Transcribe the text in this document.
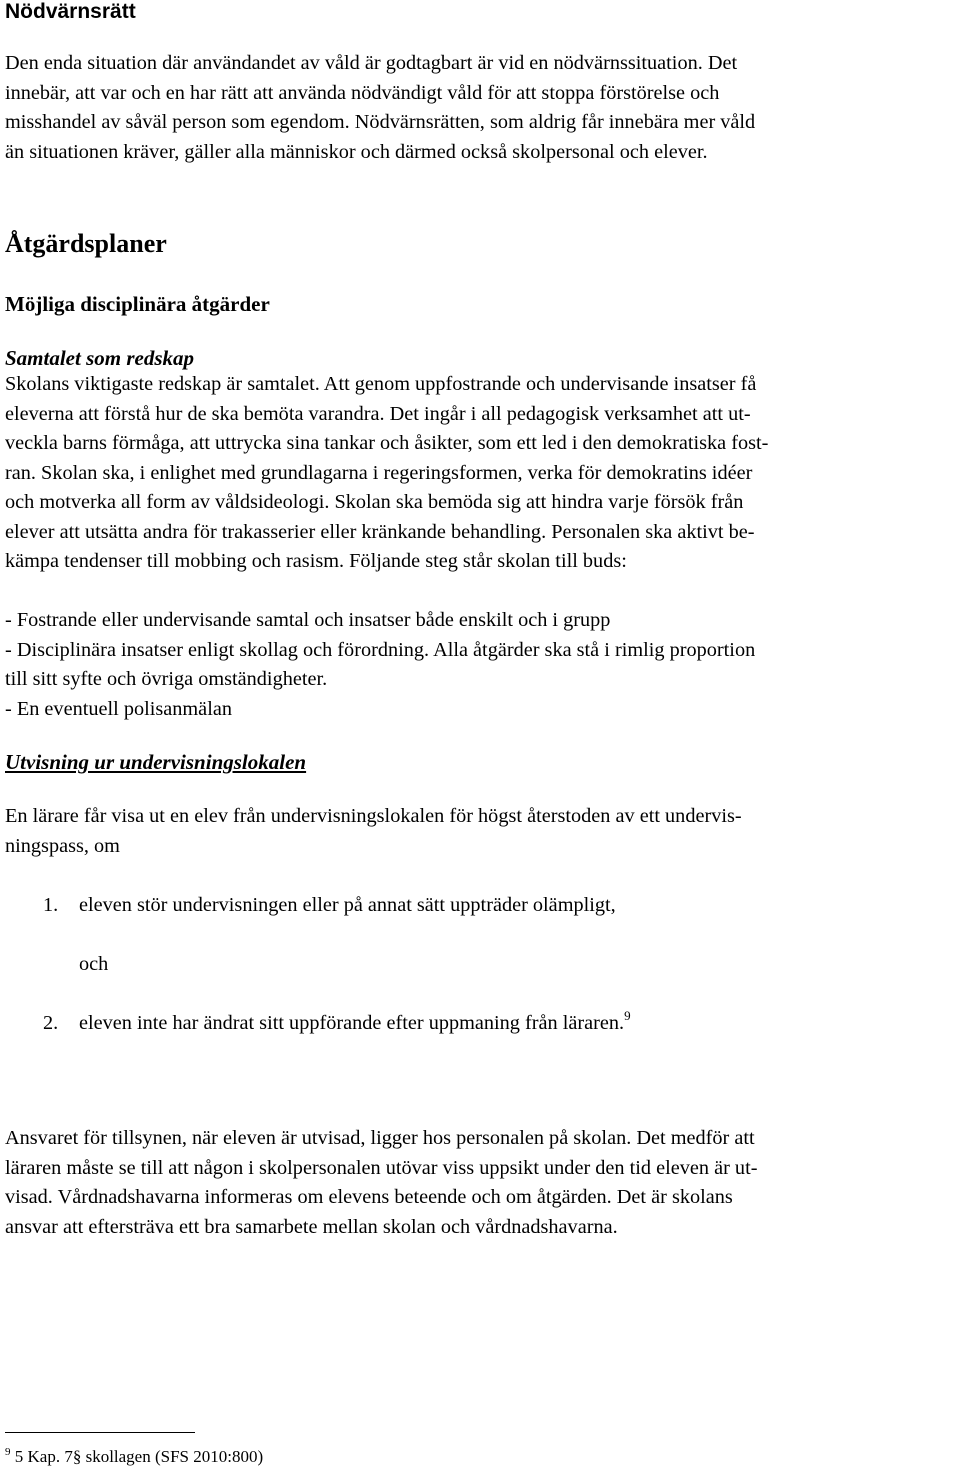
Nödvärnsrätt
Den enda situation där användandet av våld är godtagbart är vid en nödvärnssituation. Det
innebär, att var och en har rätt att använda nödvändigt våld för att stoppa förstörelse och
misshandel av såväl person som egendom. Nödvärnsrätten, som aldrig får innebära mer våld
än situationen kräver, gäller alla människor och därmed också skolpersonal och elever.
Åtgärdsplaner
Möjliga disciplinära åtgärder
Samtalet som redskap
Skolans viktigaste redskap är samtalet. Att genom uppfostrande och undervisande insatser få
eleverna att förstå hur de ska bemöta varandra. Det ingår i all pedagogisk verksamhet att ut-
veckla barns förmåga, att uttrycka sina tankar och åsikter, som ett led i den demokratiska fost-
ran. Skolan ska, i enlighet med grundlagarna i regeringsformen, verka för demokratins idéer
och motverka all form av våldsideologi. Skolan ska bemöda sig att hindra varje försök från
elever att utsätta andra för trakasserier eller kränkande behandling. Personalen ska aktivt be-
kämpa tendenser till mobbing och rasism. Följande steg står skolan till buds:
- Fostrande eller undervisande samtal och insatser både enskilt och i grupp
- Disciplinära insatser enligt skollag och förordning. Alla åtgärder ska stå i rimlig proportion
till sitt syfte och övriga omständigheter.
- En eventuell polisanmälan
Utvisning ur undervisningslokalen
En lärare får visa ut en elev från undervisningslokalen för högst återstoden av ett undervis-
ningspass, om
1. eleven stör undervisningen eller på annat sätt uppträder olämpligt,
och
2. eleven inte har ändrat sitt uppförande efter uppmaning från läraren.$^9$
Ansvaret för tillsynen, när eleven är utvisad, ligger hos personalen på skolan. Det medför att
läraren måste se till att någon i skolpersonalen utövar viss uppsikt under den tid eleven är ut-
visad. Vårdnadshavarna informeras om elevens beteende och om åtgärden. Det är skolans
ansvar att eftersträva ett bra samarbete mellan skolan och vårdnadshavarna.
$^9$ 5 Kap. 7§ skollagen (SFS 2010:800)
